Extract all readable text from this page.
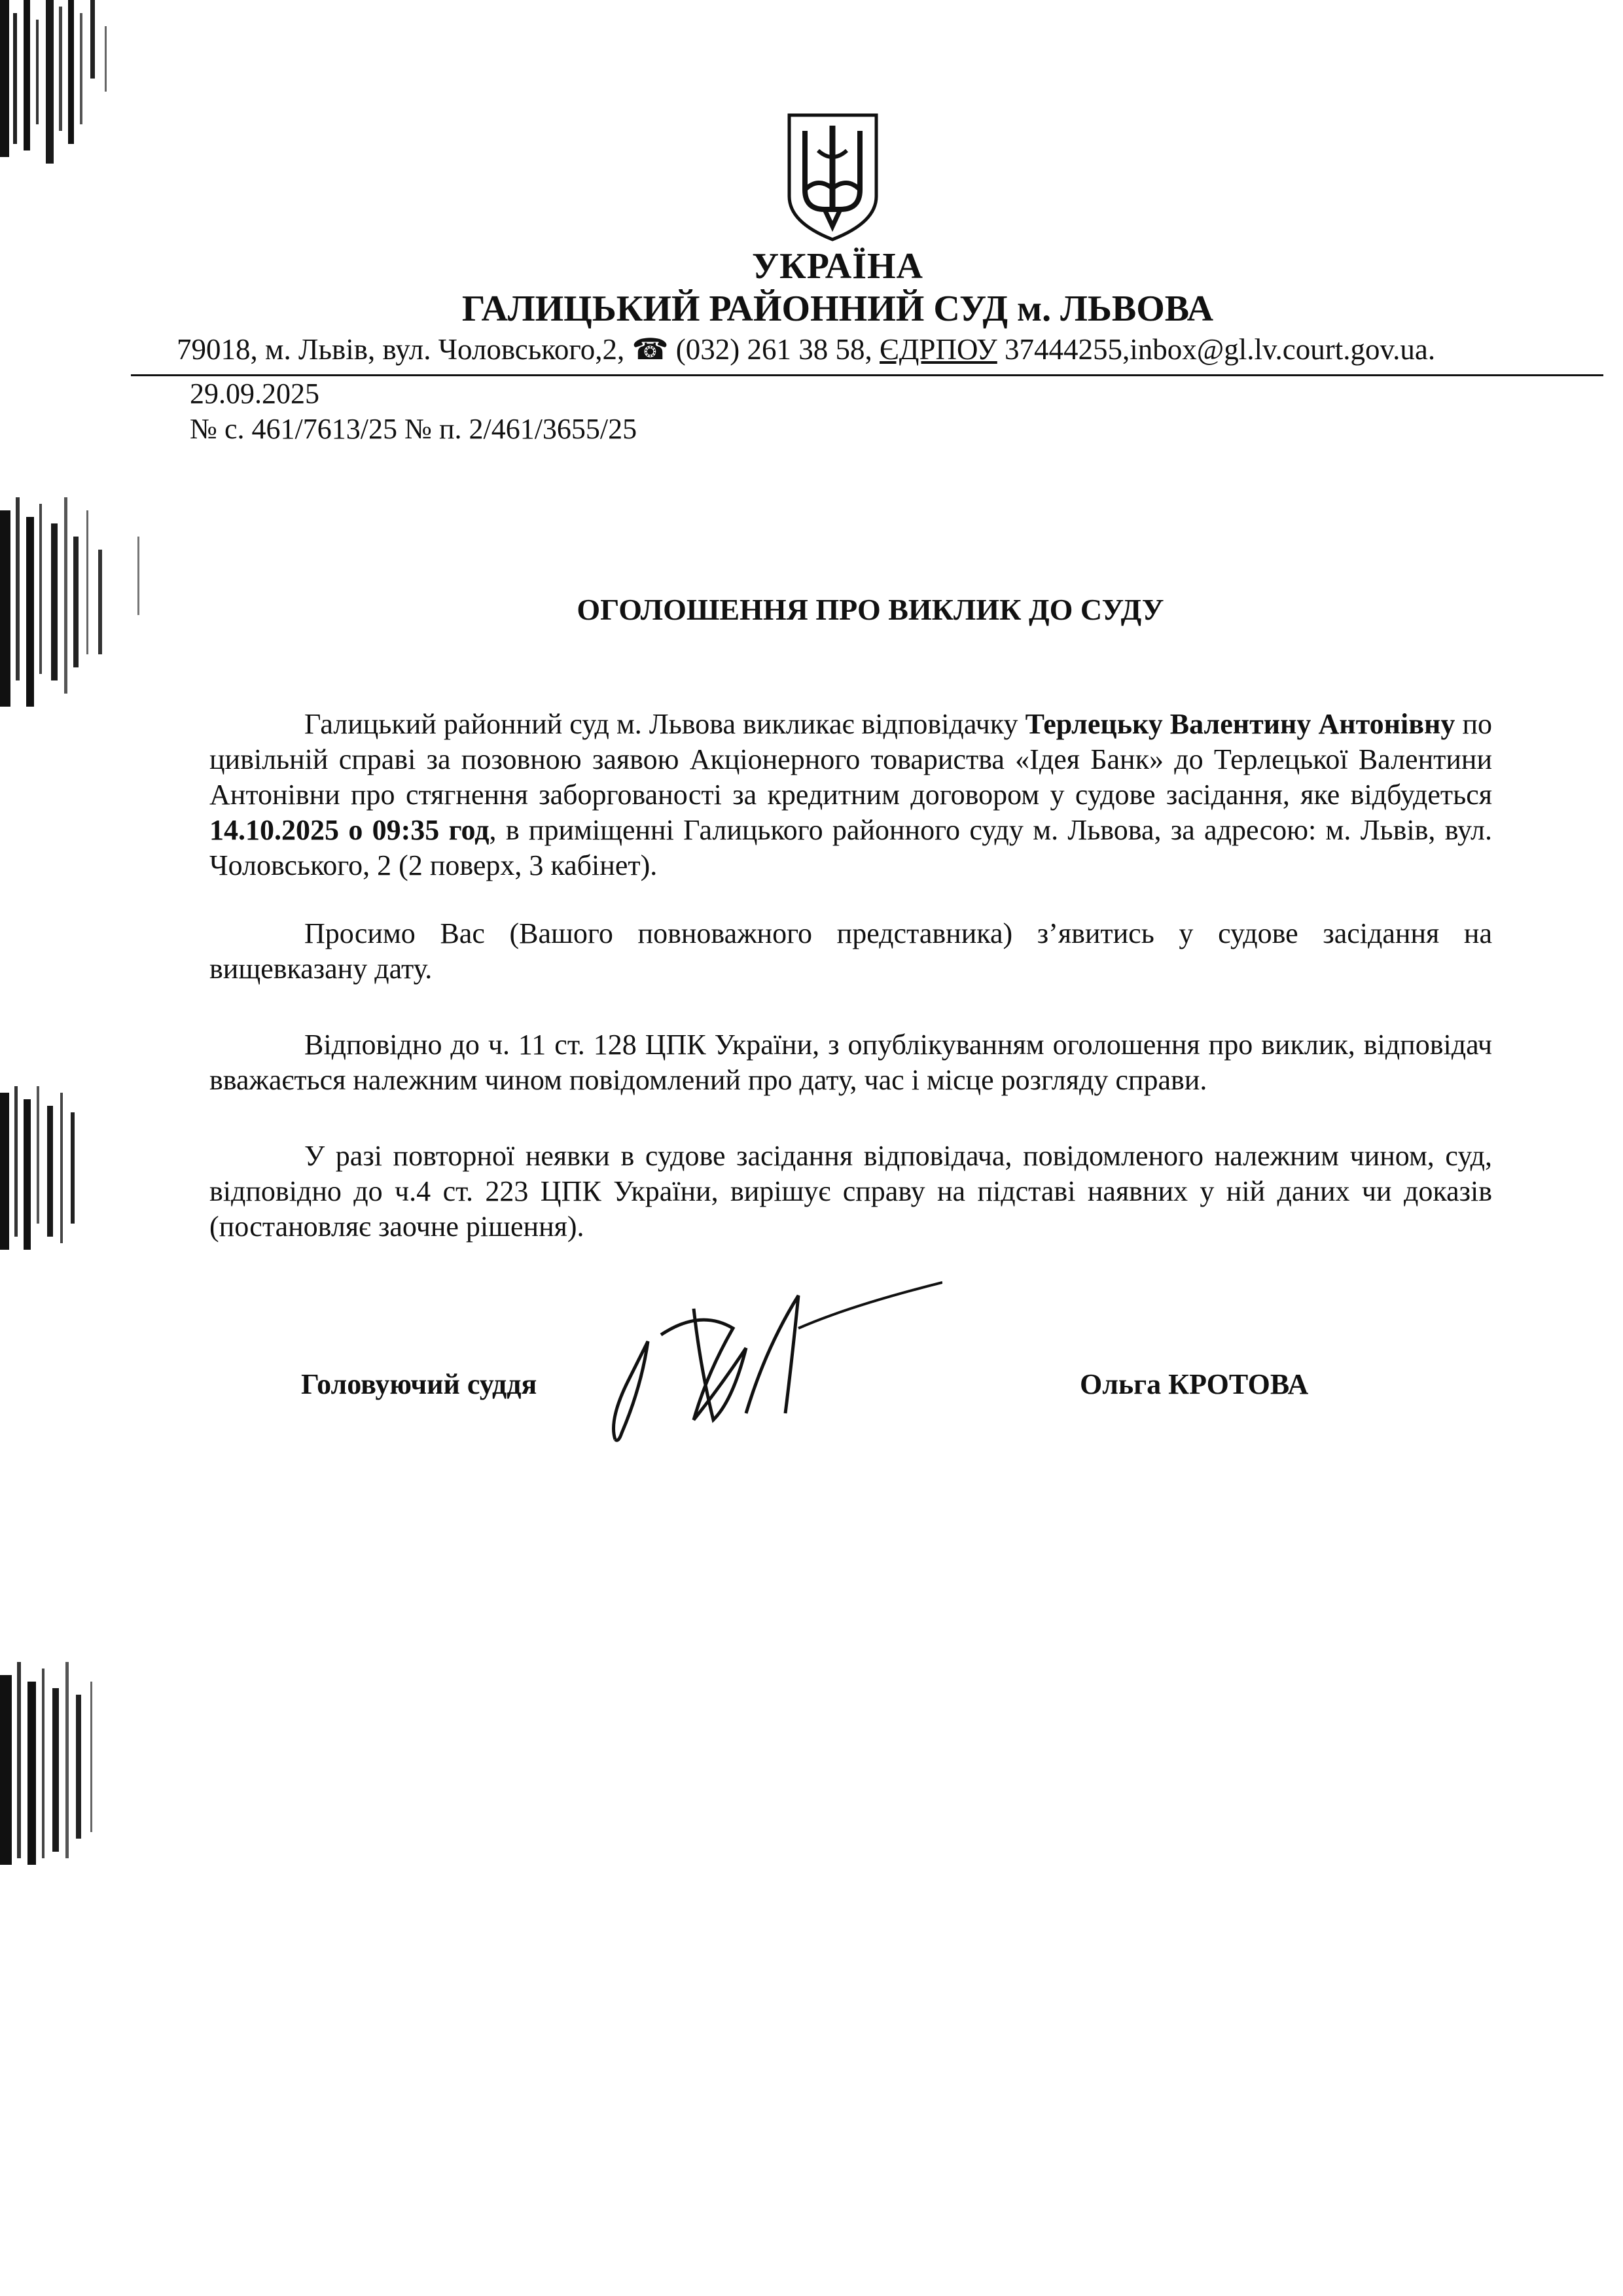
УКРАЇНА

ГАЛИЦЬКИЙ РАЙОННИЙ СУД м. ЛЬВОВА

79018, м. Львів, вул. Чоловського,2, ☎ (032) 261 38 58, ЄДРПОУ 37444255,inbox@gl.lv.court.gov.ua.

29.09.2025

№ с. 461/7613/25 № п. 2/461/3655/25

ОГОЛОШЕННЯ ПРО ВИКЛИК ДО СУДУ

Галицький районний суд м. Львова викликає відповідачку Терлецьку Валентину Антонівну по цивільній справі за позовною заявою Акціонерного товариства «Ідея Банк» до Терлецької Валентини Антонівни про стягнення заборгованості за кредитним договором у судове засідання, яке відбудеться 14.10.2025 о 09:35 год, в приміщенні Галицького районного суду м. Львова, за адресою: м. Львів, вул. Чоловського, 2 (2 поверх, 3 кабінет).

Просимо Вас (Вашого повноважного представника) з’явитись у судове засідання на вищевказану дату.

Відповідно до ч. 11 ст. 128 ЦПК України, з опублікуванням оголошення про виклик, відповідач вважається належним чином повідомлений про дату, час і місце розгляду справи.

У разі повторної неявки в судове засідання відповідача, повідомленого належним чином, суд, відповідно до ч.4 ст. 223 ЦПК України, вирішує справу на підставі наявних у ній даних чи доказів (постановляє заочне рішення).

Головуючий суддя	Ольга КРОТОВА
